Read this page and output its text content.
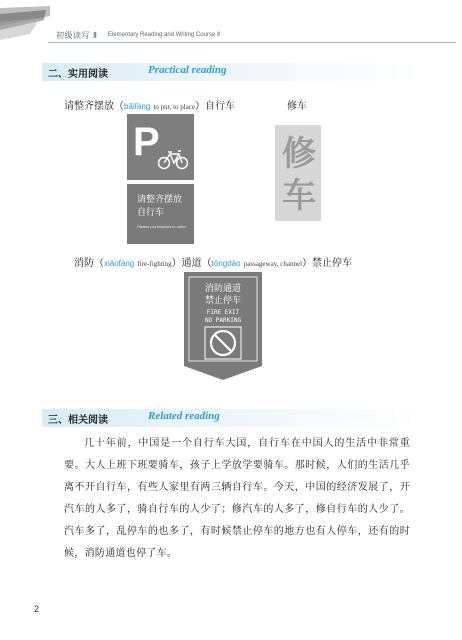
初级读写 Ⅱ Elementary Reading and Writing Course Ⅱ
二、实用阅读	Practical reading
请整齐摆放（bǎifàng to put, to place）自行车	修车
P
请整齐摆放自行车
Please put bicycles in order
修车
消防（xiāofáng fire-fighting）通道（tōngdào passageway, channel）禁止停车
消防通道
禁止停车
FIRE EXIT
NO PARKING
三、相关阅读	Related reading
几十年前，中国是一个自行车大国，自行车在中国人的生活中非常重要。大人上班下班要骑车，孩子上学放学要骑车。那时候，人们的生活几乎离不开自行车，有些人家里有两三辆自行车。今天，中国的经济发展了，开汽车的人多了，骑自行车的人少了；修汽车的人多了，修自行车的人少了。汽车多了，乱停车的也多了，有时候禁止停车的地方也有人停车，还有的时候，消防通道也停了车。
2
